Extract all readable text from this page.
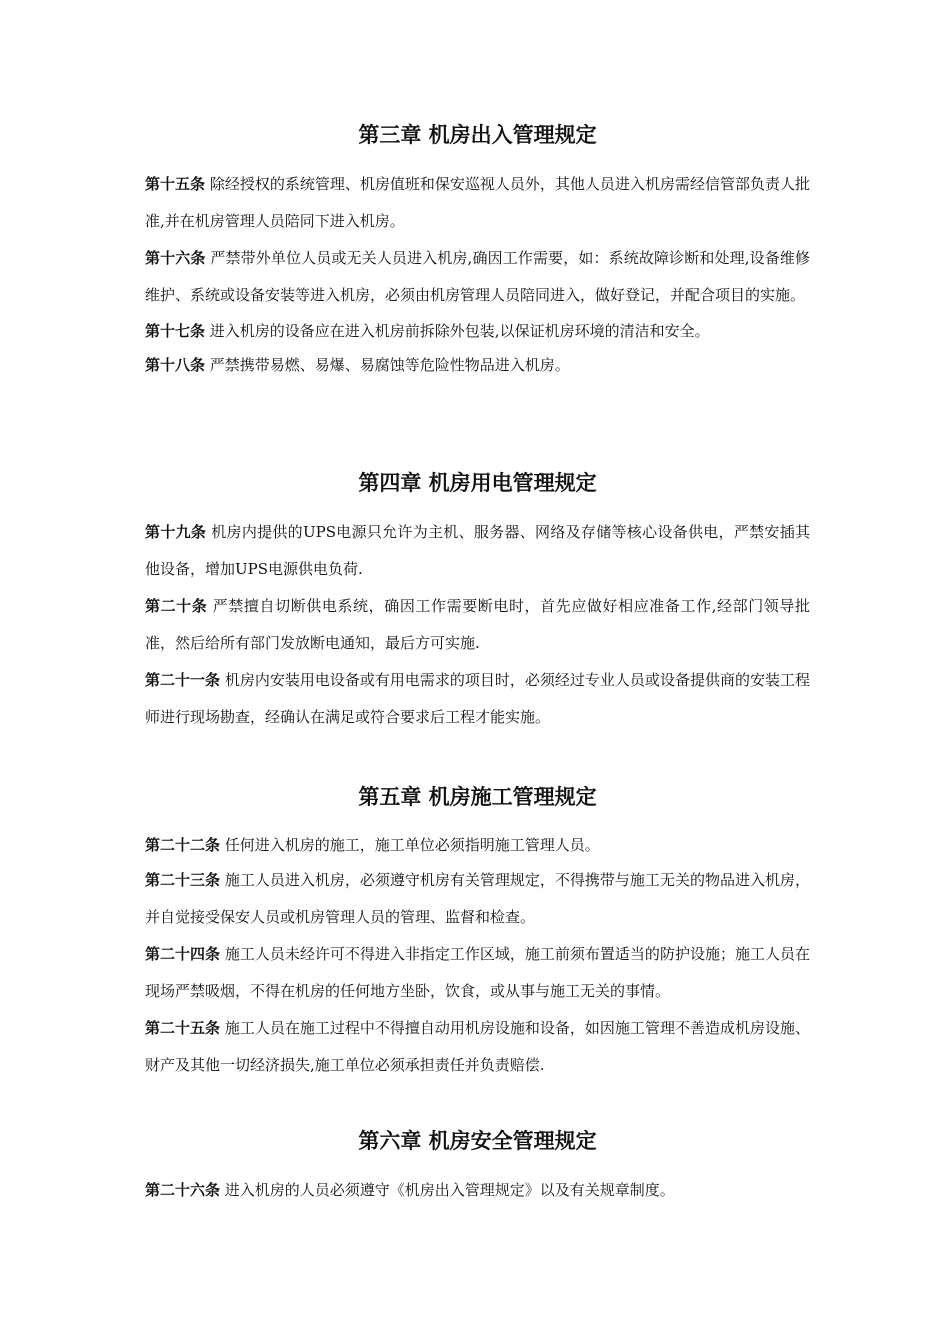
第三章 机房出入管理规定

第十五条 除经授权的系统管理、机房值班和保安巡视人员外，其他人员进入机房需经信管部负责人批准,并在机房管理人员陪同下进入机房。

第十六条 严禁带外单位人员或无关人员进入机房,确因工作需要，如：系统故障诊断和处理,设备维修维护、系统或设备安装等进入机房，必须由机房管理人员陪同进入，做好登记，并配合项目的实施。

第十七条 进入机房的设备应在进入机房前拆除外包装,以保证机房环境的清洁和安全。

第十八条 严禁携带易燃、易爆、易腐蚀等危险性物品进入机房。

第四章 机房用电管理规定

第十九条 机房内提供的UPS电源只允许为主机、服务器、网络及存储等核心设备供电，严禁安插其他设备，增加UPS电源供电负荷.

第二十条 严禁擅自切断供电系统，确因工作需要断电时，首先应做好相应准备工作,经部门领导批准，然后给所有部门发放断电通知，最后方可实施.

第二十一条 机房内安装用电设备或有用电需求的项目时，必须经过专业人员或设备提供商的安装工程师进行现场勘查，经确认在满足或符合要求后工程才能实施。

第五章 机房施工管理规定

第二十二条 任何进入机房的施工，施工单位必须指明施工管理人员。

第二十三条 施工人员进入机房，必须遵守机房有关管理规定，不得携带与施工无关的物品进入机房，并自觉接受保安人员或机房管理人员的管理、监督和检查。

第二十四条 施工人员未经许可不得进入非指定工作区域，施工前须布置适当的防护设施；施工人员在现场严禁吸烟，不得在机房的任何地方坐卧，饮食，或从事与施工无关的事情。

第二十五条 施工人员在施工过程中不得擅自动用机房设施和设备，如因施工管理不善造成机房设施、财产及其他一切经济损失,施工单位必须承担责任并负责赔偿.

第六章 机房安全管理规定

第二十六条 进入机房的人员必须遵守《机房出入管理规定》以及有关规章制度。
